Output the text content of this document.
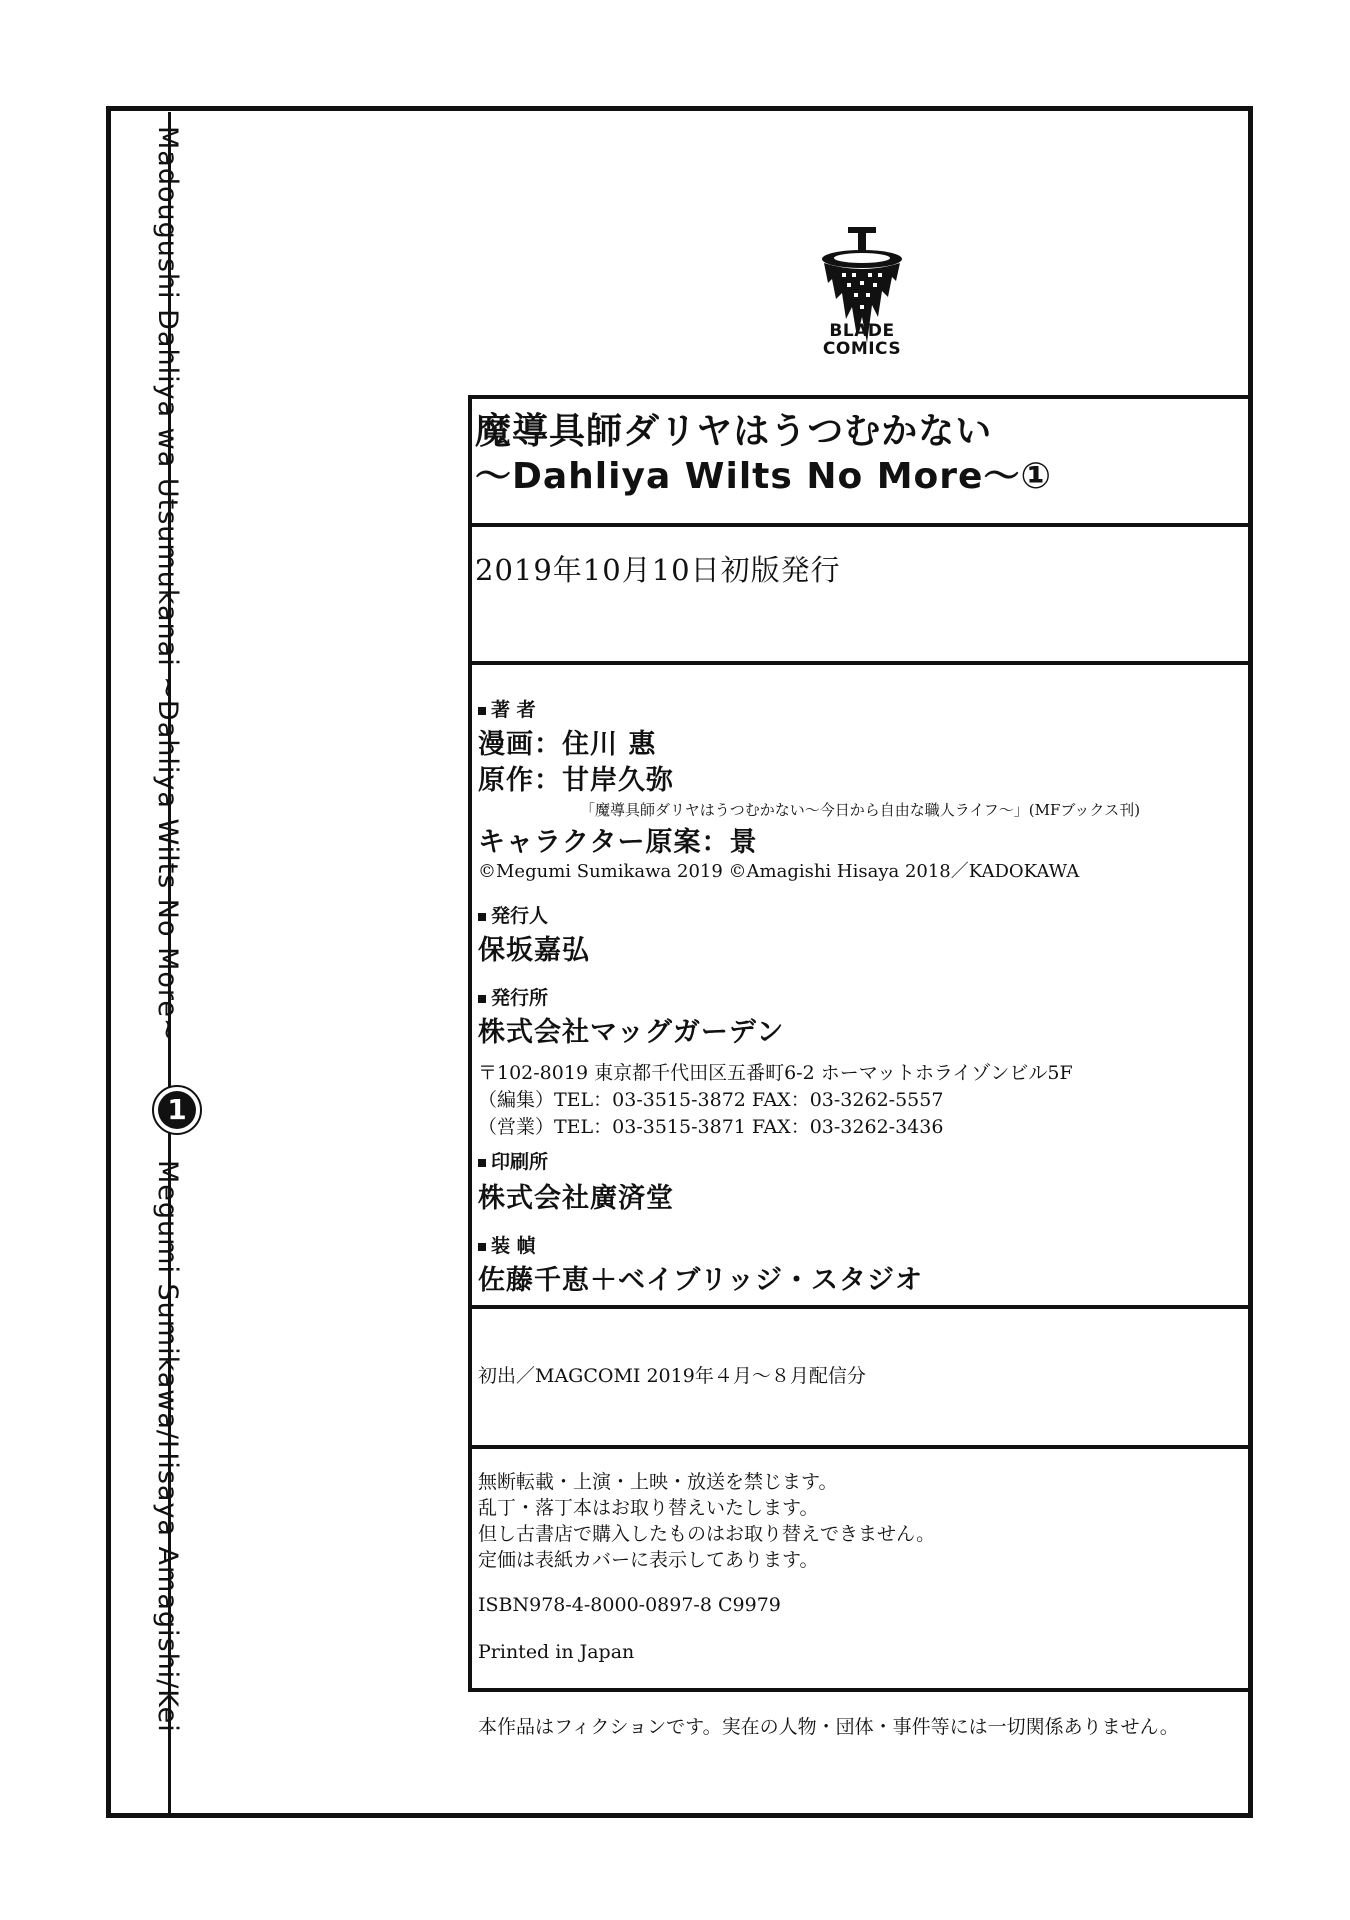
Madougushi Dahliya wa Utsumukanai ~Dahliya Wilts No More~
1
Megumi Sumikawa/Hisaya Amagishi/Kei
BLADE
COMICS
魔導具師ダリヤはうつむかない
〜Dahliya Wilts No More〜①
2019年10月10日初版発行
著 者
漫画：住川 惠
原作：甘岸久弥
「魔導具師ダリヤはうつむかない〜今日から自由な職人ライフ〜」(MFブックス刊)
キャラクター原案：景
©Megumi Sumikawa 2019 ©Amagishi Hisaya 2018／KADOKAWA
発行人
保坂嘉弘
発行所
株式会社マッグガーデン
〒102-8019 東京都千代田区五番町6-2 ホーマットホライゾンビル5F
（編集）TEL：03-3515-3872 FAX：03-3262-5557
（営業）TEL：03-3515-3871 FAX：03-3262-3436
印刷所
株式会社廣済堂
装 幀
佐藤千恵＋ベイブリッジ・スタジオ
初出／MAGCOMI 2019年４月〜８月配信分
無断転載・上演・上映・放送を禁じます。
乱丁・落丁本はお取り替えいたします。
但し古書店で購入したものはお取り替えできません。
定価は表紙カバーに表示してあります。
ISBN978-4-8000-0897-8 C9979
Printed in Japan
本作品はフィクションです。実在の人物・団体・事件等には一切関係ありません。
